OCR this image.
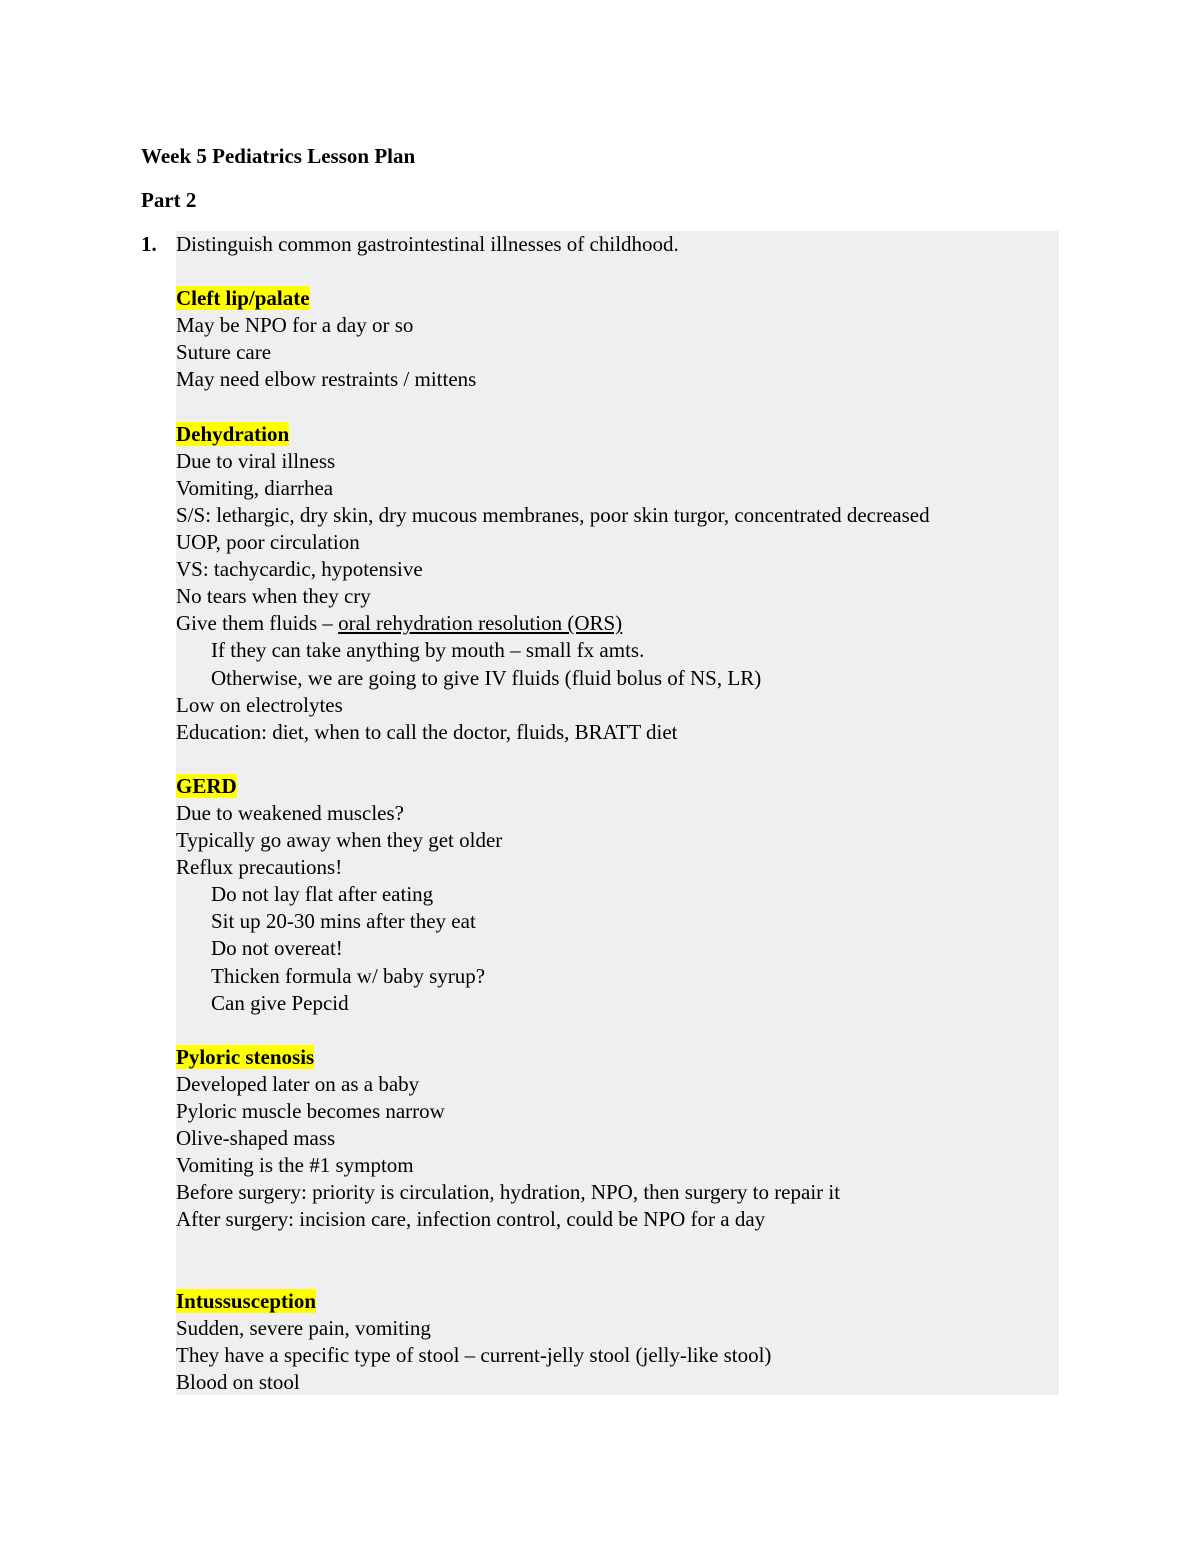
Week 5 Pediatrics Lesson Plan

Part 2

1. Distinguish common gastrointestinal illnesses of childhood.
Cleft lip/palate
May be NPO for a day or so
Suture care
May need elbow restraints / mittens
Dehydration
Due to viral illness
Vomiting, diarrhea
S/S: lethargic, dry skin, dry mucous membranes, poor skin turgor, concentrated decreased
UOP, poor circulation
VS: tachycardic, hypotensive
No tears when they cry
Give them fluids – oral rehydration resolution (ORS)
If they can take anything by mouth – small fx amts.
Otherwise, we are going to give IV fluids (fluid bolus of NS, LR)
Low on electrolytes
Education: diet, when to call the doctor, fluids, BRATT diet
GERD
Due to weakened muscles?
Typically go away when they get older
Reflux precautions!
Do not lay flat after eating
Sit up 20-30 mins after they eat
Do not overeat!
Thicken formula w/ baby syrup?
Can give Pepcid
Pyloric stenosis
Developed later on as a baby
Pyloric muscle becomes narrow
Olive-shaped mass
Vomiting is the #1 symptom
Before surgery: priority is circulation, hydration, NPO, then surgery to repair it
After surgery: incision care, infection control, could be NPO for a day
Intussusception
Sudden, severe pain, vomiting
They have a specific type of stool – current-jelly stool (jelly-like stool)
Blood on stool
